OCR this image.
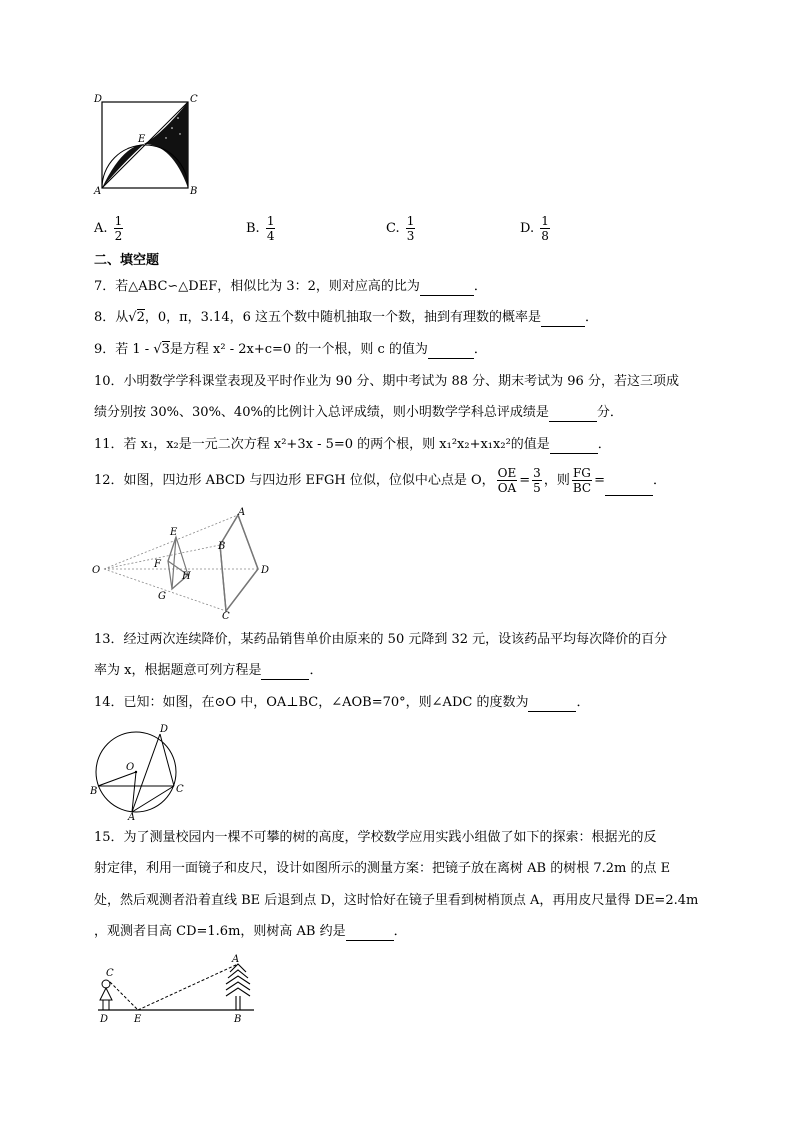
D	C
A	B
E
A. $\frac{1}{2}$	B. $\frac{1}{4}$	C. $\frac{1}{3}$	D. $\frac{1}{8}$
二、填空题
7．若△ABC∽△DEF，相似比为 3：2，则对应高的比为	．
8．从√2，0，π，3.14，6 这五个数中随机抽取一个数，抽到有理数的概率是	．
9．若 1 - √3是方程 x² - 2x+c=0 的一个根，则 c 的值为	．
10．小明数学学科课堂表现及平时作业为 90 分、期中考试为 88 分、期末考试为 96 分，若这三项成
绩分别按 30%、30%、40%的比例计入总评成绩，则小明数学学科总评成绩是	分．
11．若 x₁，x₂是一元二次方程 x²+3x - 5=0 的两个根，则 x₁²x₂+x₁x₂²的值是	．
12．如图，四边形 ABCD 与四边形 EFGH 位似，位似中心点是 O， $\frac{OE}{OA} = \frac{3}{5}$ ，则 $\frac{FG}{BC}$ =	．
O
E
F
G
H
A
B
C
D
13．经过两次连续降价，某药品销售单价由原来的 50 元降到 32 元，设该药品平均每次降价的百分
率为 x，根据题意可列方程是	．
14．已知：如图，在⊙O 中，OA⊥BC，∠AOB=70°，则∠ADC 的度数为	．
O
D
B	C
A
15．为了测量校园内一棵不可攀的树的高度，学校数学应用实践小组做了如下的探索：根据光的反
射定律，利用一面镜子和皮尺，设计如图所示的测量方案：把镜子放在离树 AB 的树根 7.2m 的点 E
处，然后观测者沿着直线 BE 后退到点 D，这时恰好在镜子里看到树梢顶点 A，再用皮尺量得 DE=2.4m
，观测者目高 CD=1.6m，则树高 AB 约是	．
C
D	E
A
B
